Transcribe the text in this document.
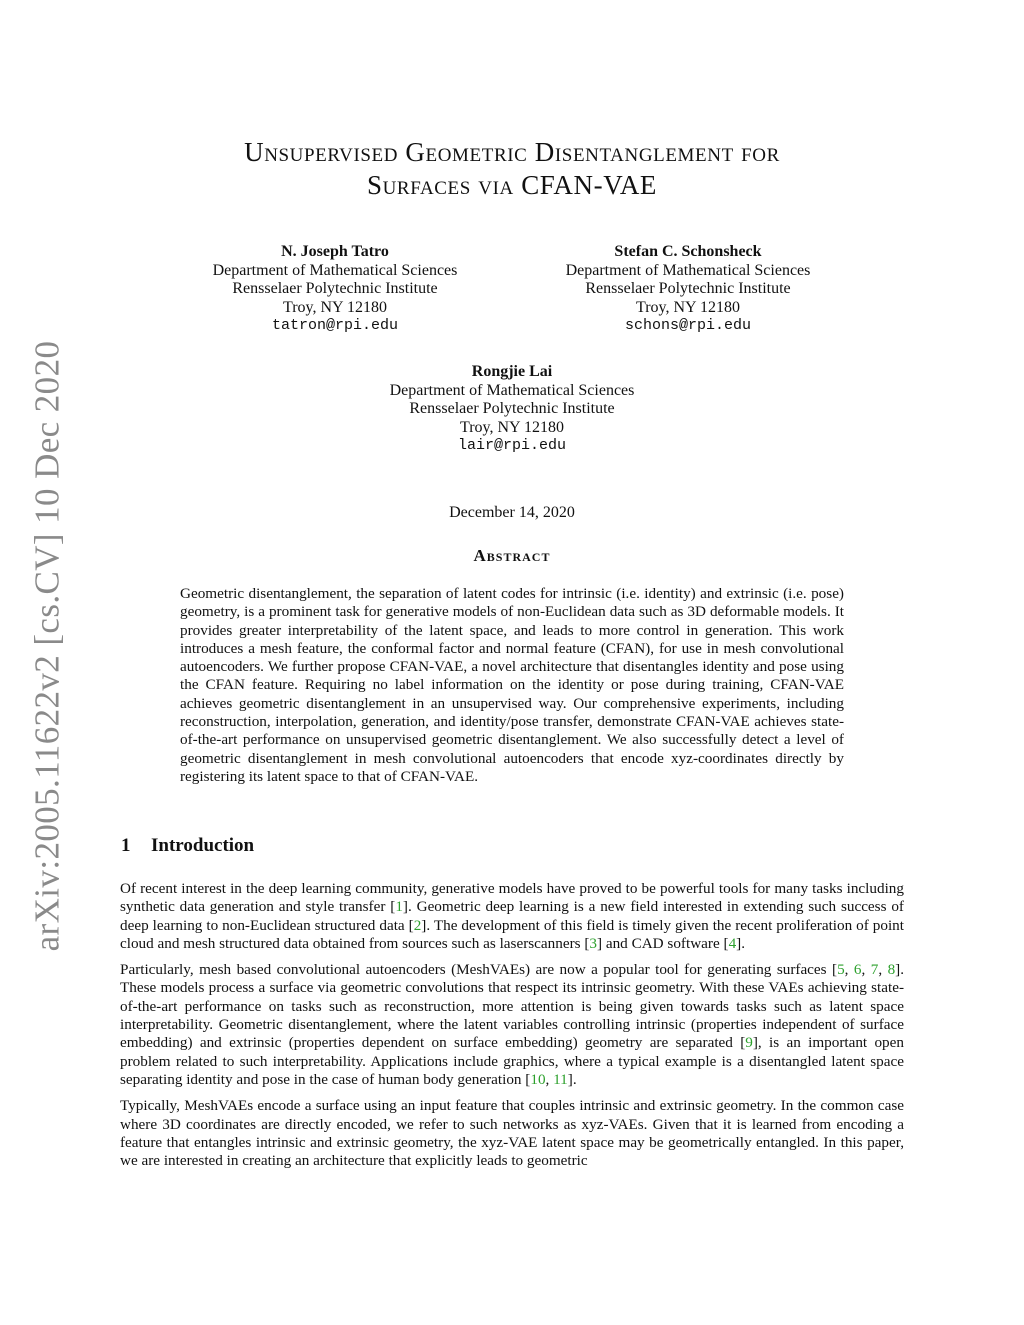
arXiv:2005.11622v2 [cs.CV] 10 Dec 2020
Unsupervised Geometric Disentanglement for
Surfaces via CFAN-VAE
N. Joseph Tatro
Department of Mathematical Sciences
Rensselaer Polytechnic Institute
Troy, NY 12180
tatron@rpi.edu
Stefan C. Schonsheck
Department of Mathematical Sciences
Rensselaer Polytechnic Institute
Troy, NY 12180
schons@rpi.edu
Rongjie Lai
Department of Mathematical Sciences
Rensselaer Polytechnic Institute
Troy, NY 12180
lair@rpi.edu
December 14, 2020
Abstract

Geometric disentanglement, the separation of latent codes for intrinsic (i.e. identity) and extrinsic (i.e. pose) geometry, is a prominent task for generative models of non-Euclidean data such as 3D deformable models. It provides greater interpretability of the latent space, and leads to more control in generation. This work introduces a mesh feature, the conformal factor and normal feature (CFAN), for use in mesh convolutional autoencoders. We further propose CFAN-VAE, a novel architecture that disentangles identity and pose using the CFAN feature. Requiring no label information on the identity or pose during training, CFAN-VAE achieves geometric disentanglement in an unsupervised way. Our comprehensive experiments, including reconstruction, interpolation, generation, and identity/pose transfer, demonstrate CFAN-VAE achieves state-of-the-art performance on unsupervised geometric disentanglement. We also successfully detect a level of geometric disentanglement in mesh convolutional autoencoders that encode xyz-coordinates directly by registering its latent space to that of CFAN-VAE.

1 Introduction

Of recent interest in the deep learning community, generative models have proved to be powerful tools for many tasks including synthetic data generation and style transfer [1]. Geometric deep learning is a new field interested in extending such success of deep learning to non-Euclidean structured data [2]. The development of this field is timely given the recent proliferation of point cloud and mesh structured data obtained from sources such as laserscanners [3] and CAD software [4].

Particularly, mesh based convolutional autoencoders (MeshVAEs) are now a popular tool for generating surfaces [5, 6, 7, 8]. These models process a surface via geometric convolutions that respect its intrinsic geometry. With these VAEs achieving state-of-the-art performance on tasks such as reconstruction, more attention is being given towards tasks such as latent space interpretability. Geometric disentanglement, where the latent variables controlling intrinsic (properties independent of surface embedding) and extrinsic (properties dependent on surface embedding) geometry are separated [9], is an important open problem related to such interpretability. Applications include graphics, where a typical example is a disentangled latent space separating identity and pose in the case of human body generation [10, 11].

Typically, MeshVAEs encode a surface using an input feature that couples intrinsic and extrinsic geometry. In the common case where 3D coordinates are directly encoded, we refer to such networks as xyz-VAEs. Given that it is learned from encoding a feature that entangles intrinsic and extrinsic geometry, the xyz-VAE latent space may be geometrically entangled. In this paper, we are interested in creating an architecture that explicitly leads to geometric
